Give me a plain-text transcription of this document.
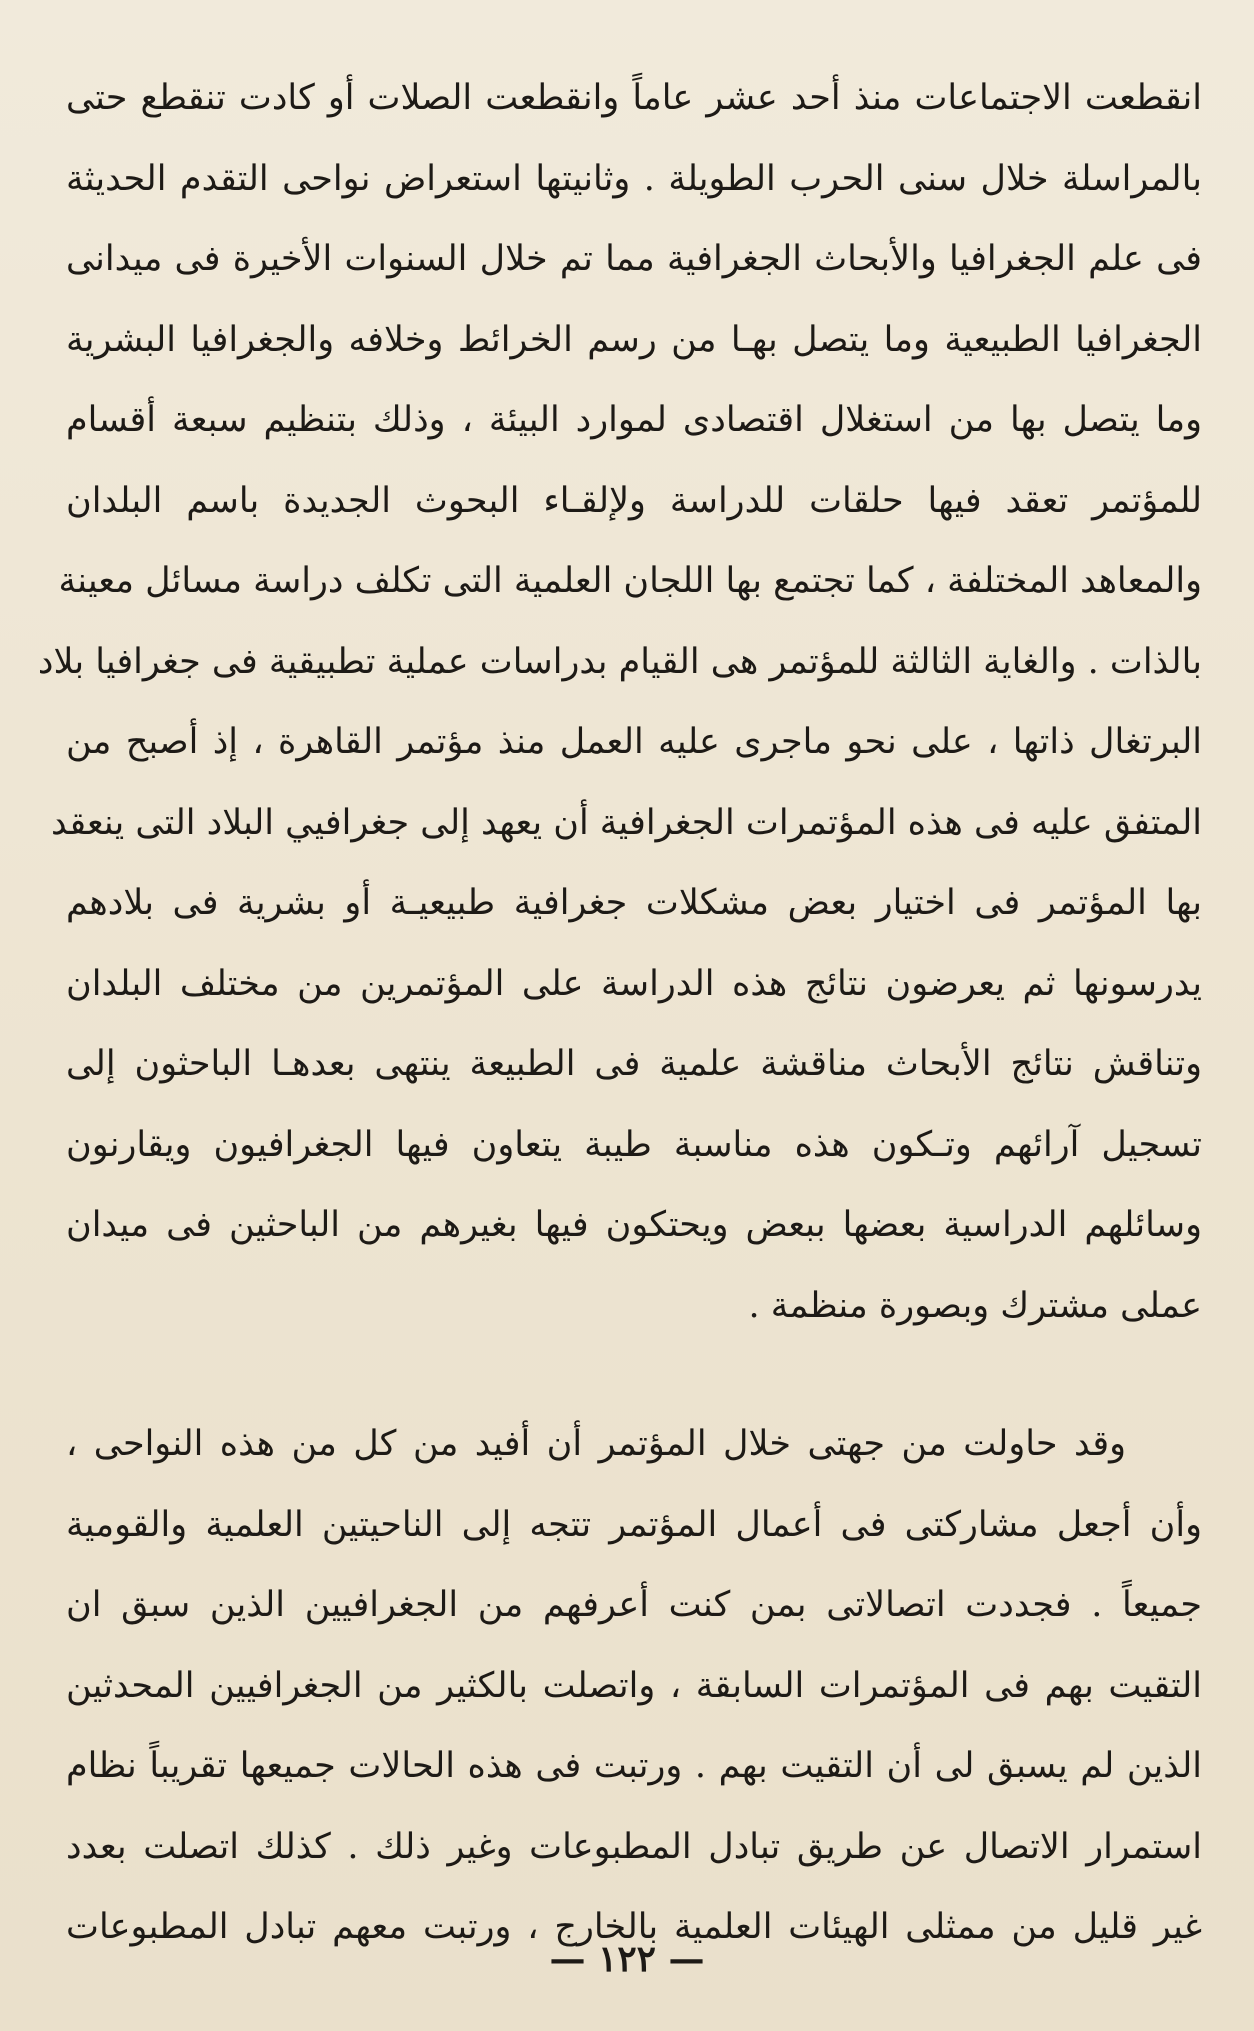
انقطعت الاجتماعات منذ أحد عشر عاماً وانقطعت الصلات أو كادت تنقطع حتى
بالمراسلة خلال سنى الحرب الطويلة . وثانيتها استعراض نواحى التقدم الحديثة
فى علم الجغرافيا والأبحاث الجغرافية مما تم خلال السنوات الأخيرة فى ميدانى
الجغرافيا الطبيعية وما يتصل بهـا من رسم الخرائط وخلافه والجغرافيا البشرية
وما يتصل بها من استغلال اقتصادى لموارد البيئة ، وذلك بتنظيم سبعة أقسام
للمؤتمر تعقد فيها حلقات للدراسة ولإلقـاء البحوث الجديدة باسم البلدان
والمعاهد المختلفة ، كما تجتمع بها اللجان العلمية التى تكلف دراسة مسائل معينة
بالذات . والغاية الثالثة للمؤتمر هى القيام بدراسات عملية تطبيقية فى جغرافيا بلاد
البرتغال ذاتها ، على نحو ماجرى عليه العمل منذ مؤتمر القاهرة ، إذ أصبح من
المتفق عليه فى هذه المؤتمرات الجغرافية أن يعهد إلى جغرافيي البلاد التى ينعقد
بها المؤتمر فى اختيار بعض مشكلات جغرافية طبيعيـة أو بشرية فى بلادهم
يدرسونها ثم يعرضون نتائج هذه الدراسة على المؤتمرين من مختلف البلدان
وتناقش نتائج الأبحاث مناقشة علمية فى الطبيعة ينتهى بعدهـا الباحثون إلى
تسجيل آرائهم وتـكون هذه مناسبة طيبة يتعاون فيها الجغرافيون ويقارنون
وسائلهم الدراسية بعضها ببعض ويحتكون فيها بغيرهم من الباحثين فى ميدان
عملى مشترك وبصورة منظمة .
وقد حاولت من جهتى خلال المؤتمر أن أفيد من كل من هذه النواحى ،
وأن أجعل مشاركتى فى أعمال المؤتمر تتجه إلى الناحيتين العلمية والقومية
جميعاً . فجددت اتصالاتى بمن كنت أعرفهم من الجغرافيين الذين سبق ان
التقيت بهم فى المؤتمرات السابقة ، واتصلت بالكثير من الجغرافيين المحدثين
الذين لم يسبق لى أن التقيت بهم . ورتبت فى هذه الحالات جميعها تقريباً نظام
استمرار الاتصال عن طريق تبادل المطبوعات وغير ذلك . كذلك اتصلت بعدد
غير قليل من ممثلى الهيئات العلمية بالخارج ، ورتبت معهم تبادل المطبوعات
— ١٢٢ —
